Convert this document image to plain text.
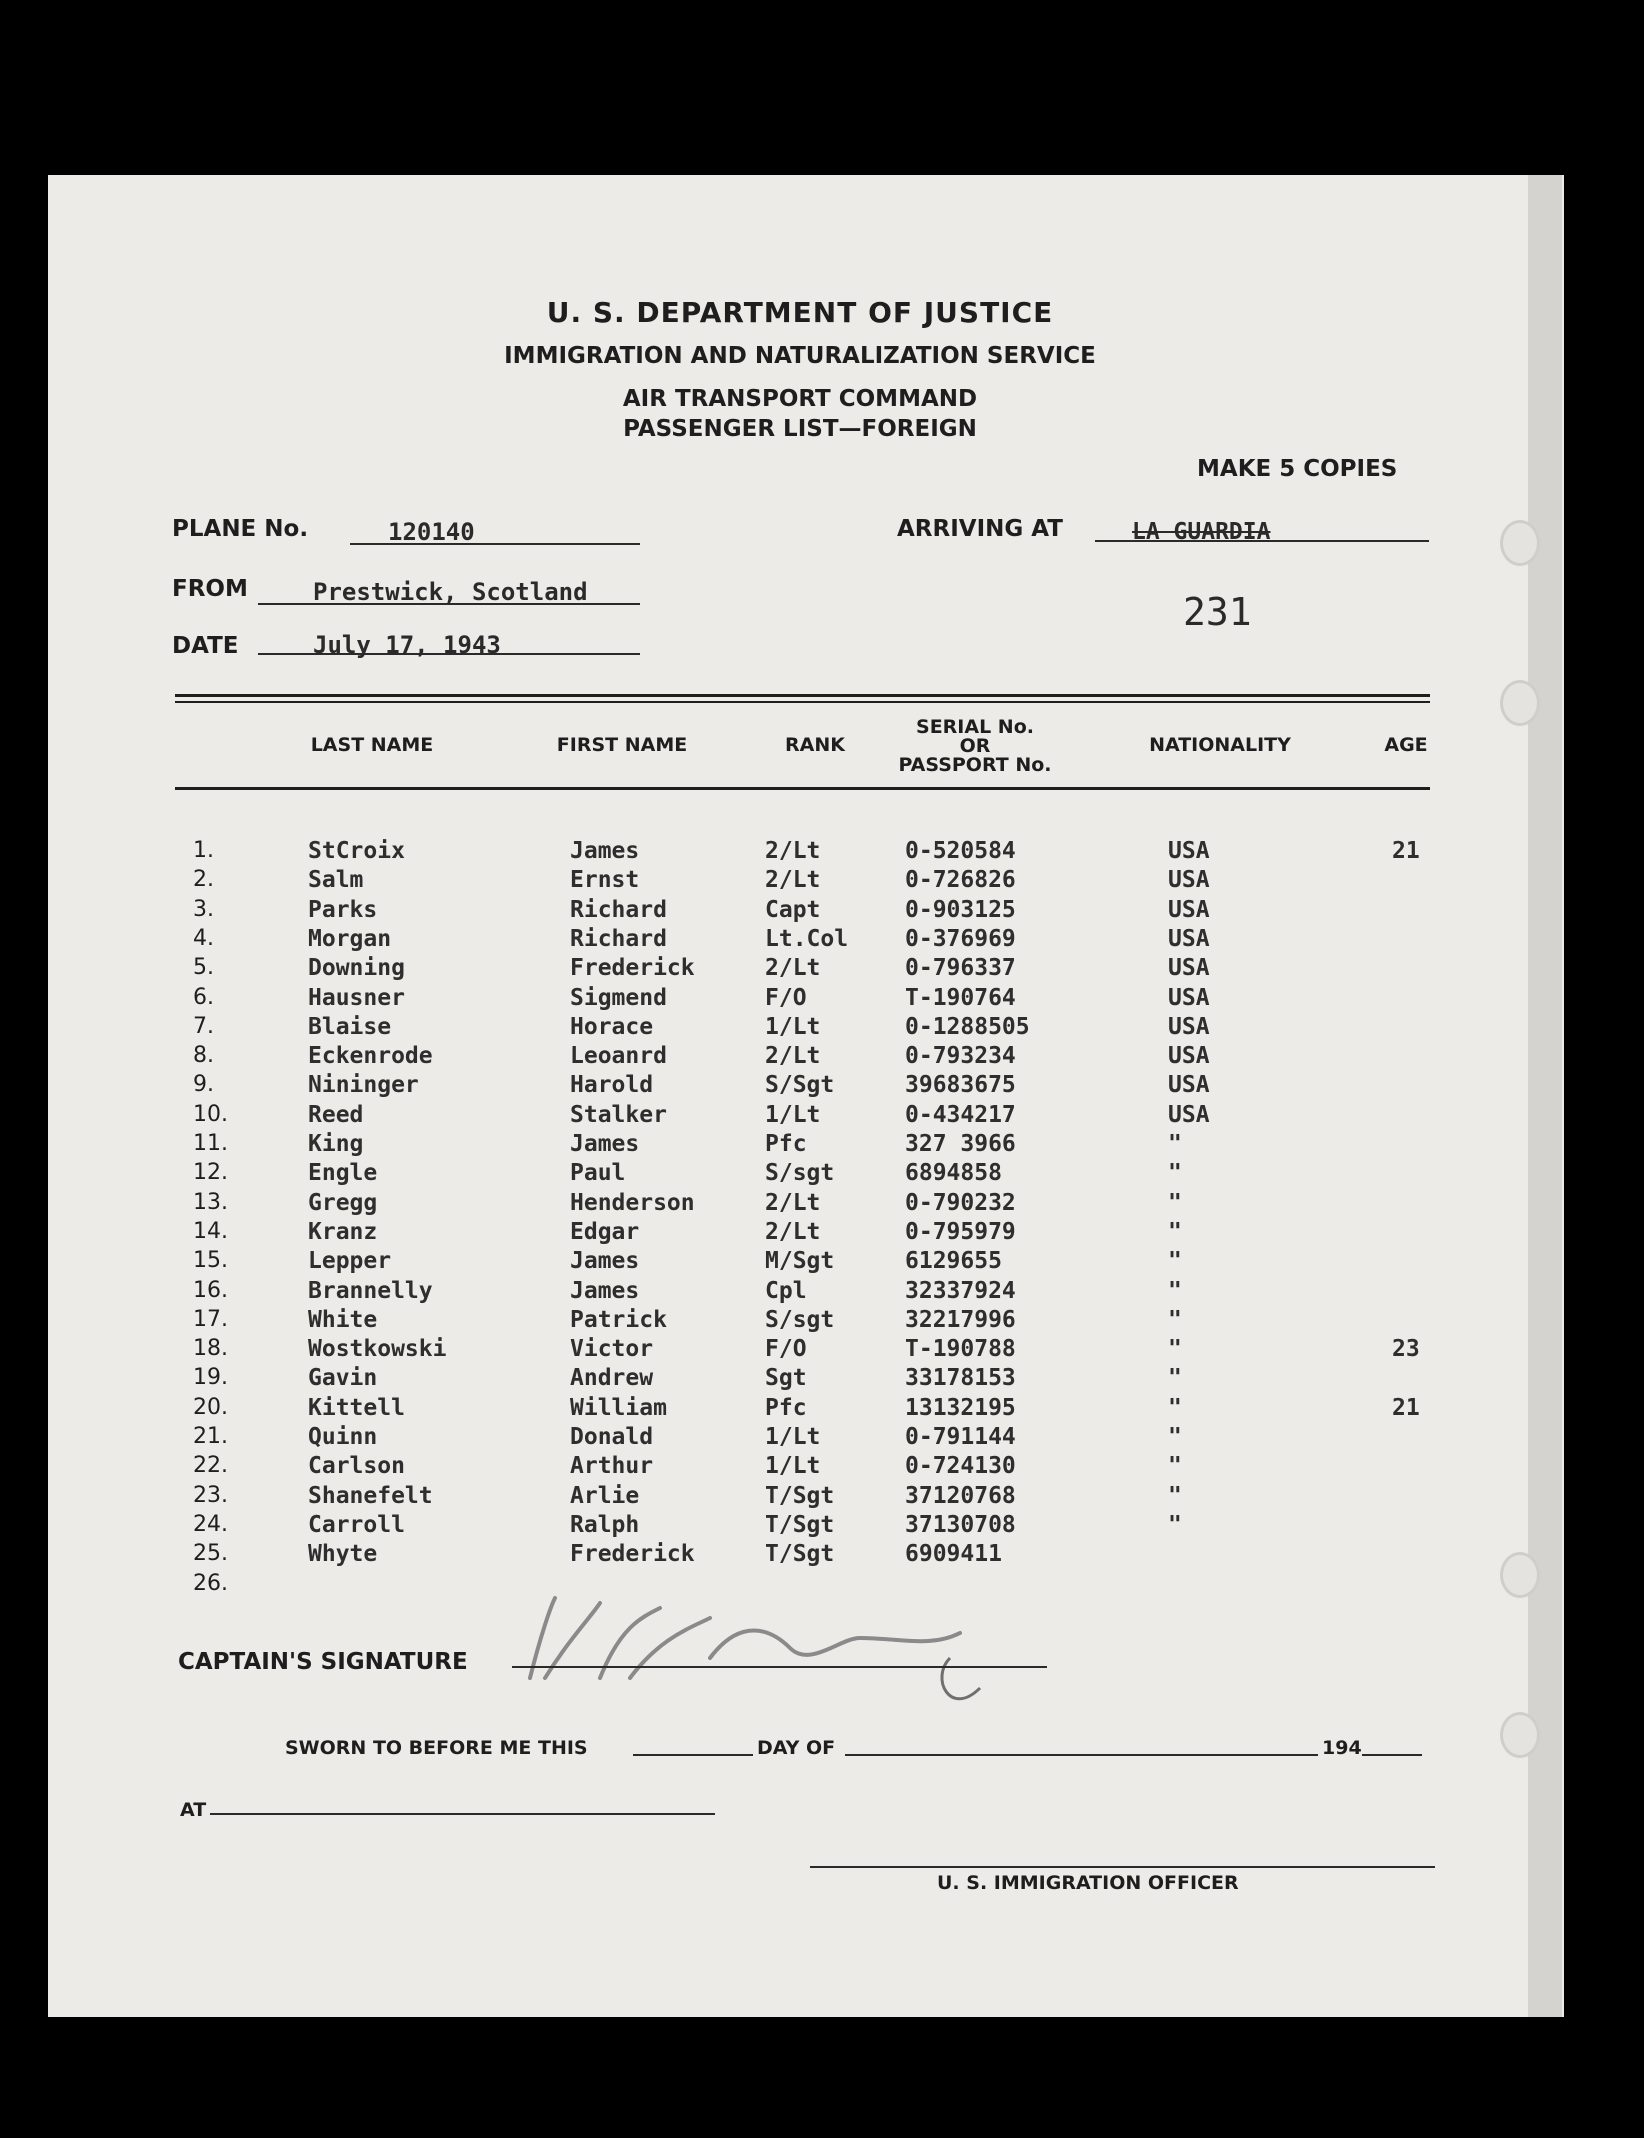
U. S. DEPARTMENT OF JUSTICE
IMMIGRATION AND NATURALIZATION SERVICE
AIR TRANSPORT COMMAND
PASSENGER LIST—FOREIGN
MAKE 5 COPIES
PLANE No.	120140	ARRIVING AT	LA GUARDIA
FROM	Prestwick, Scotland	231
DATE	July 17, 1943
LAST NAME	FIRST NAME	RANK
SERIAL No.
OR
PASSPORT No.
NATIONALITY	AGE
1.	StCroix	James	2/Lt	0-520584	USA	21
2.	Salm	Ernst	2/Lt	0-726826	USA
3.	Parks	Richard	Capt	0-903125	USA
4.	Morgan	Richard	Lt.Col 0-376969	USA
5.	Downing	Frederick	2/Lt	0-796337	USA
6.	Hausner	Sigmend	F/O	T-190764	USA
7.	Blaise	Horace	1/Lt	0-1288505	USA
8.	Eckenrode	Leoanrd	2/Lt	0-793234	USA
9.	Nininger	Harold	S/Sgt	39683675	USA
10.	Reed	Stalker	1/Lt	0-434217	USA
11.	King	James	Pfc	327 3966	"
12.	Engle	Paul	S/sgt	6894858	"
13.	Gregg	Henderson	2/Lt	0-790232	"
14.	Kranz	Edgar	2/Lt	0-795979	"
15.	Lepper	James	M/Sgt	6129655	"
16.	Brannelly	James	Cpl	32337924	"
17.	White	Patrick	S/sgt	32217996	"
18.	Wostkowski	Victor	F/O	T-190788	"	23
19.	Gavin	Andrew	Sgt	33178153	"
20.	Kittell	William	Pfc	13132195	"	21
21.	Quinn	Donald	1/Lt	0-791144	"
22.	Carlson	Arthur	1/Lt	0-724130	"
23.	Shanefelt	Arlie	T/Sgt	37120768	"
24.	Carroll	Ralph	T/Sgt	37130708	"
25.	Whyte	Frederick	T/Sgt	6909411
26.
CAPTAIN'S SIGNATURE
SWORN TO BEFORE ME THIS	DAY OF	194
AT
U. S. IMMIGRATION OFFICER
